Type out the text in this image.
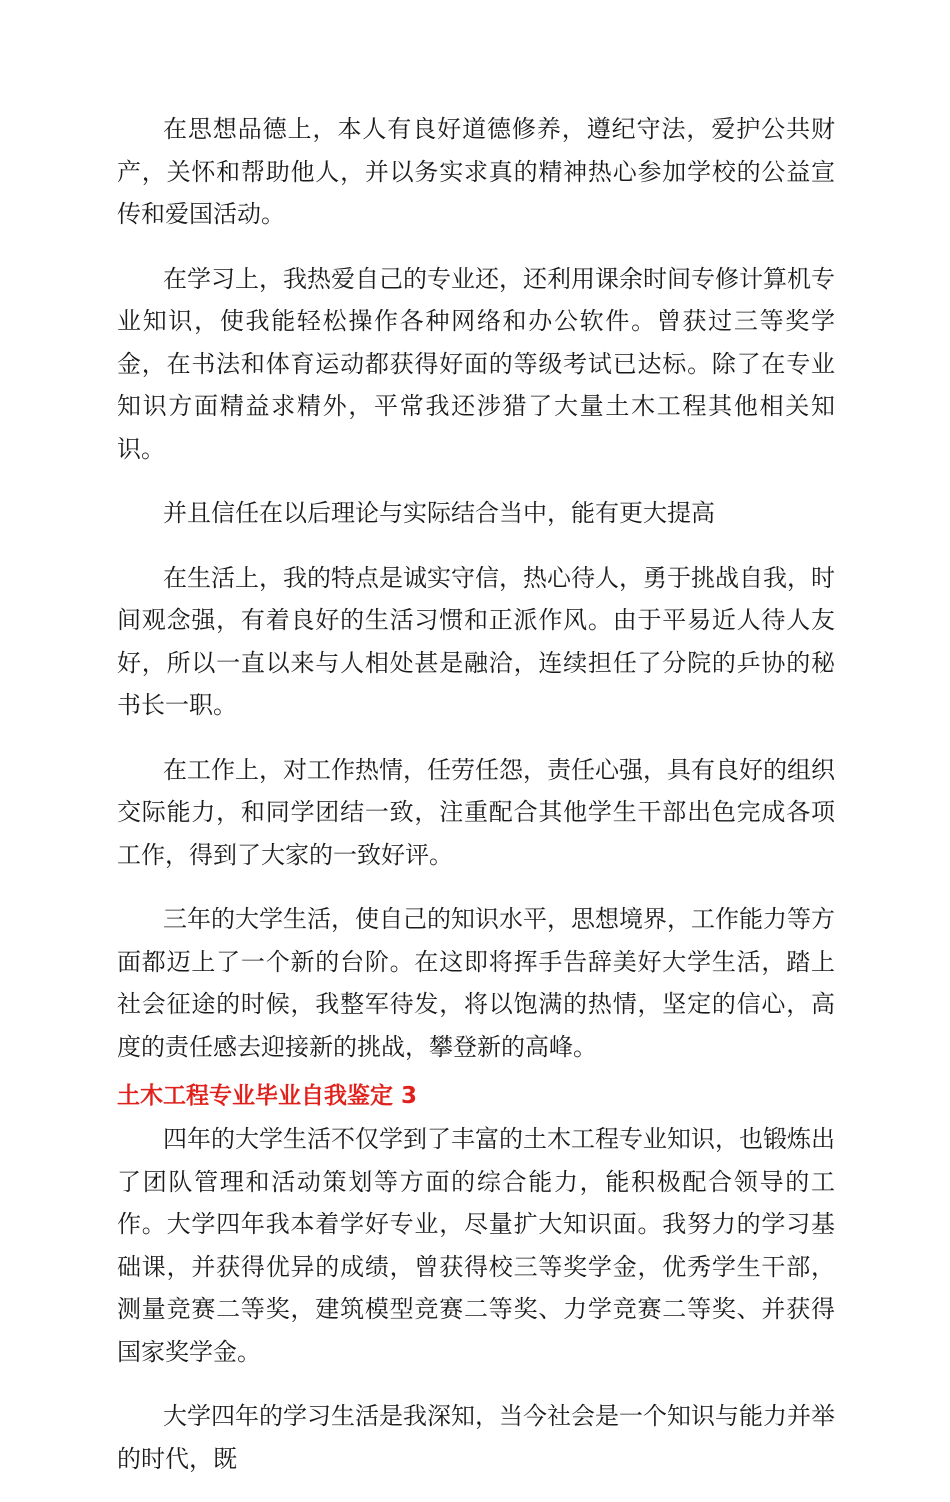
在思想品德上，本人有良好道德修养，遵纪守法，爱护公共财产，关怀和帮助他人，并以务实求真的精神热心参加学校的公益宣传和爱国活动。

在学习上，我热爱自己的专业还，还利用课余时间专修计算机专业知识，使我能轻松操作各种网络和办公软件。曾获过三等奖学金，在书法和体育运动都获得好面的等级考试已达标。除了在专业知识方面精益求精外，平常我还涉猎了大量土木工程其他相关知识。

并且信任在以后理论与实际结合当中，能有更大提高

在生活上，我的特点是诚实守信，热心待人，勇于挑战自我，时间观念强，有着良好的生活习惯和正派作风。由于平易近人待人友好，所以一直以来与人相处甚是融洽，连续担任了分院的乒协的秘书长一职。

在工作上，对工作热情，任劳任怨，责任心强，具有良好的组织交际能力，和同学团结一致，注重配合其他学生干部出色完成各项工作，得到了大家的一致好评。

三年的大学生活，使自己的知识水平，思想境界，工作能力等方面都迈上了一个新的台阶。在这即将挥手告辞美好大学生活，踏上社会征途的时候，我整军待发，将以饱满的热情，坚定的信心，高度的责任感去迎接新的挑战，攀登新的高峰。

土木工程专业毕业自我鉴定 3

四年的大学生活不仅学到了丰富的土木工程专业知识，也锻炼出了团队管理和活动策划等方面的综合能力，能积极配合领导的工作。大学四年我本着学好专业，尽量扩大知识面。我努力的学习基础课，并获得优异的成绩，曾获得校三等奖学金，优秀学生干部，测量竞赛二等奖，建筑模型竞赛二等奖、力学竞赛二等奖、并获得国家奖学金。

大学四年的学习生活是我深知，当今社会是一个知识与能力并举的时代，既
